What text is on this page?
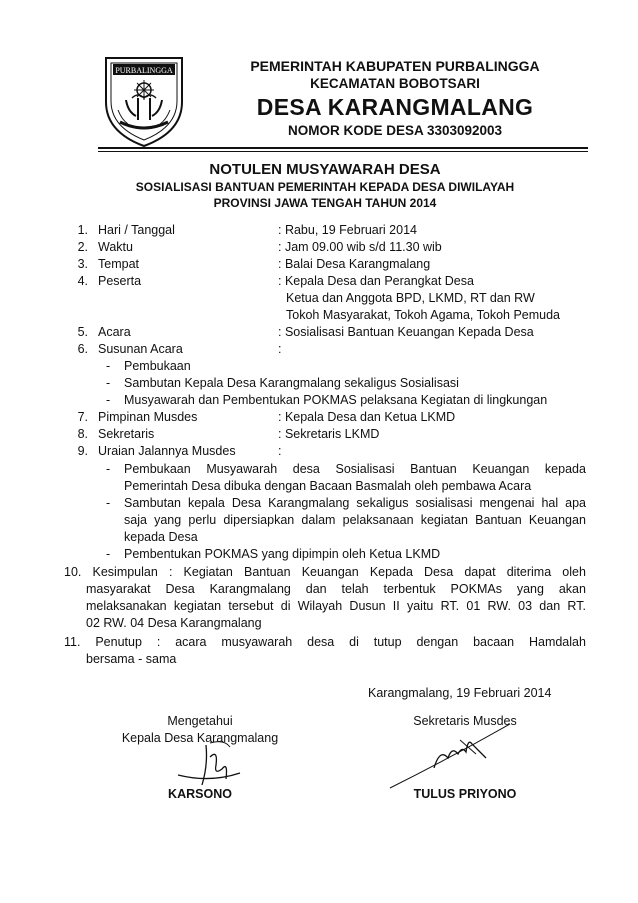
PURBALINGGA	PEMERINTAH KABUPATEN PURBALINGGA
KECAMATAN BOBOTSARI
DESA KARANGMALANG
NOMOR KODE DESA 3303092003
NOTULEN MUSYAWARAH DESA
SOSIALISASI BANTUAN PEMERINTAH KEPADA DESA DIWILAYAH
PROVINSI JAWA TENGAH TAHUN 2014
1. Hari / Tanggal	: Rabu, 19 Februari 2014
2. Waktu	: Jam 09.00 wib s/d 11.30 wib
3. Tempat	: Balai Desa Karangmalang
4. Peserta	: Kepala Desa dan Perangkat Desa
Ketua dan Anggota BPD, LKMD, RT dan RW
Tokoh Masyarakat, Tokoh Agama, Tokoh Pemuda
5. Acara	: Sosialisasi Bantuan Keuangan Kepada Desa
6. Susunan Acara	:
- Pembukaan
- Sambutan Kepala Desa Karangmalang sekaligus Sosialisasi
- Musyawarah dan Pembentukan POKMAS pelaksana Kegiatan di lingkungan
7. Pimpinan Musdes	: Kepala Desa dan Ketua LKMD
8. Sekretaris	: Sekretaris LKMD
9. Uraian Jalannya Musdes	:
- Pembukaan Musyawarah desa Sosialisasi Bantuan Keuangan kepada
Pemerintah Desa dibuka dengan Bacaan Basmalah oleh pembawa Acara
- Sambutan kepala Desa Karangmalang sekaligus sosialisasi mengenai hal apa
saja yang perlu dipersiapkan dalam pelaksanaan kegiatan Bantuan Keuangan
kepada Desa
- Pembentukan POKMAS yang dipimpin oleh Ketua LKMD
10. Kesimpulan : Kegiatan Bantuan Keuangan Kepada Desa dapat diterima oleh
masyarakat Desa Karangmalang dan telah terbentuk POKMAs yang akan
melaksanakan kegiatan tersebut di Wilayah Dusun II yaitu RT. 01 RW. 03 dan RT.
02 RW. 04 Desa Karangmalang
11. Penutup : acara musyawarah desa di tutup dengan bacaan Hamdalah
bersama - sama
Karangmalang, 19 Februari 2014
Mengetahui
Kepala Desa Karangmalang
Sekretaris Musdes
KARSONO	TULUS PRIYONO
